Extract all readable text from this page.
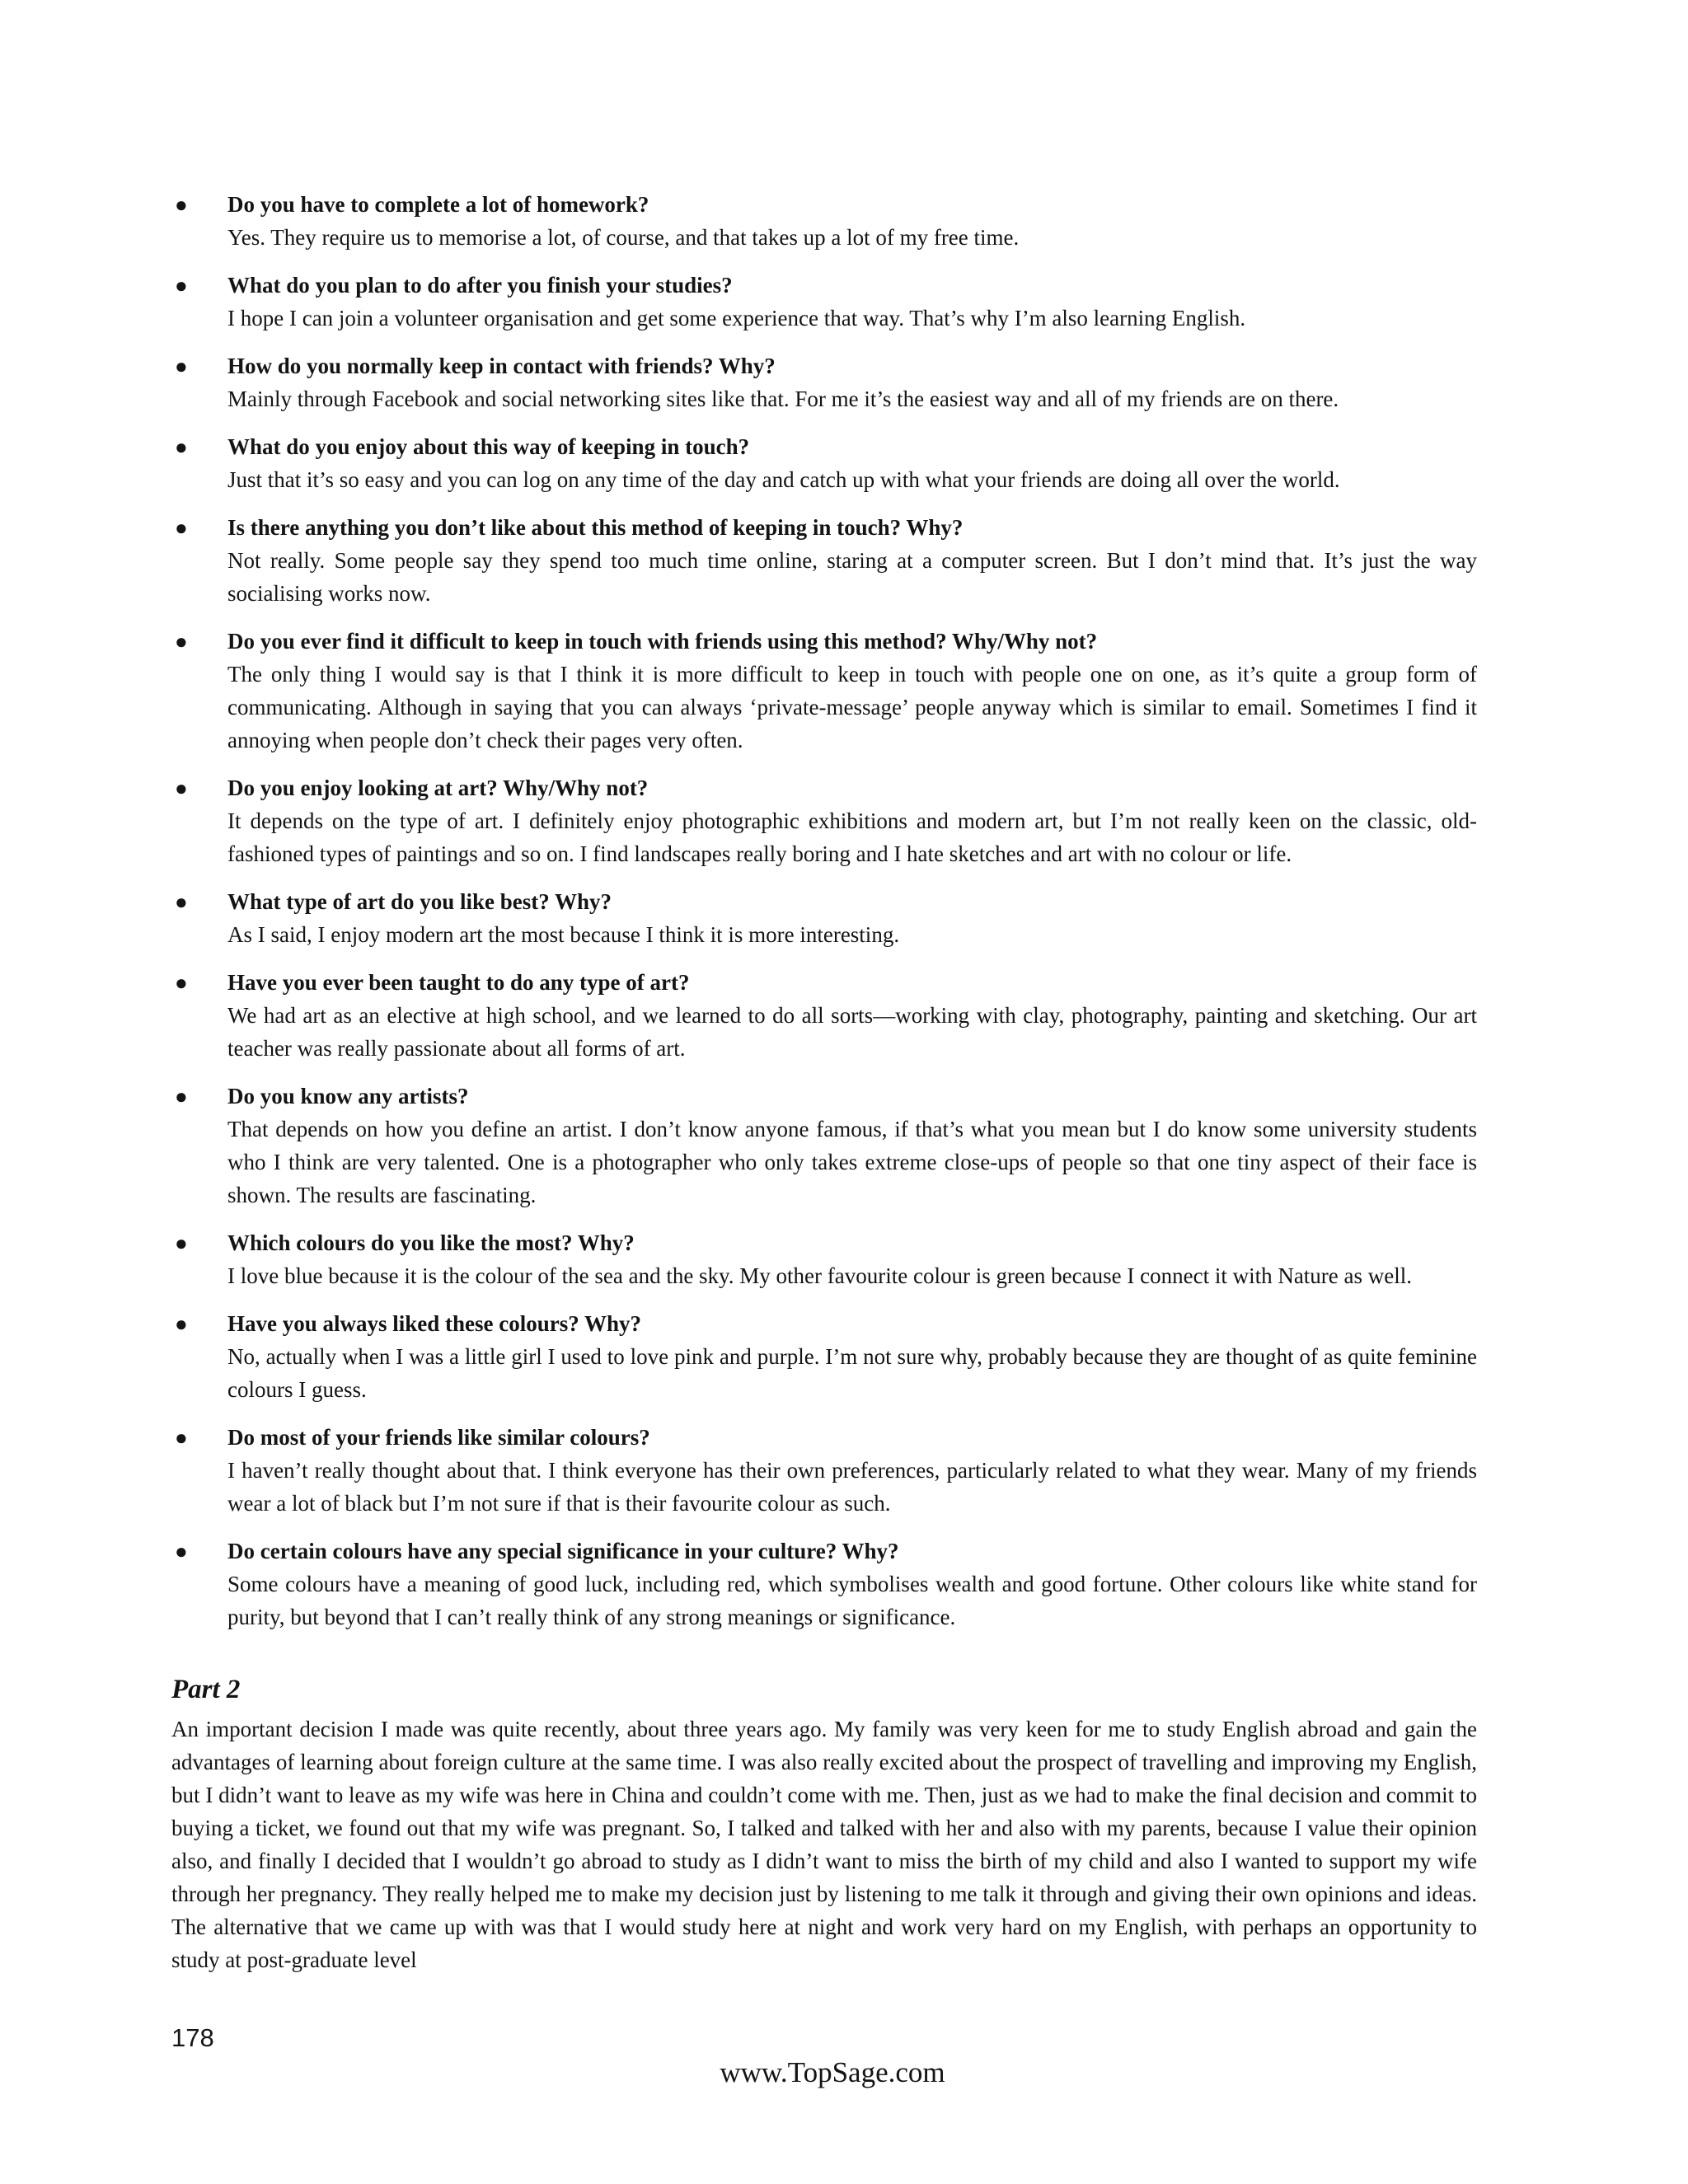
● Do you have to complete a lot of homework?
Yes. They require us to memorise a lot, of course, and that takes up a lot of my free time.
● What do you plan to do after you finish your studies?
I hope I can join a volunteer organisation and get some experience that way. That’s why I’m also learning English.
● How do you normally keep in contact with friends? Why?
Mainly through Facebook and social networking sites like that. For me it’s the easiest way and all of my friends are on there.
● What do you enjoy about this way of keeping in touch?
Just that it’s so easy and you can log on any time of the day and catch up with what your friends are doing all over the world.
● Is there anything you don’t like about this method of keeping in touch? Why?
Not really. Some people say they spend too much time online, staring at a computer screen. But I don’t mind that. It’s just the way socialising works now.
● Do you ever find it difficult to keep in touch with friends using this method? Why/Why not?
The only thing I would say is that I think it is more difficult to keep in touch with people one on one, as it’s quite a group form of communicating. Although in saying that you can always ‘private-message’ people anyway which is similar to email. Sometimes I find it annoying when people don’t check their pages very often.
● Do you enjoy looking at art? Why/Why not?
It depends on the type of art. I definitely enjoy photographic exhibitions and modern art, but I’m not really keen on the classic, old-fashioned types of paintings and so on. I find landscapes really boring and I hate sketches and art with no colour or life.
● What type of art do you like best? Why?
As I said, I enjoy modern art the most because I think it is more interesting.
● Have you ever been taught to do any type of art?
We had art as an elective at high school, and we learned to do all sorts—working with clay, photography, painting and sketching. Our art teacher was really passionate about all forms of art.
● Do you know any artists?
That depends on how you define an artist. I don’t know anyone famous, if that’s what you mean but I do know some university students who I think are very talented. One is a photographer who only takes extreme close-ups of people so that one tiny aspect of their face is shown. The results are fascinating.
● Which colours do you like the most? Why?
I love blue because it is the colour of the sea and the sky. My other favourite colour is green because I connect it with Nature as well.
● Have you always liked these colours? Why?
No, actually when I was a little girl I used to love pink and purple. I’m not sure why, probably because they are thought of as quite feminine colours I guess.
● Do most of your friends like similar colours?
I haven’t really thought about that. I think everyone has their own preferences, particularly related to what they wear. Many of my friends wear a lot of black but I’m not sure if that is their favourite colour as such.
● Do certain colours have any special significance in your culture? Why?
Some colours have a meaning of good luck, including red, which symbolises wealth and good fortune. Other colours like white stand for purity, but beyond that I can’t really think of any strong meanings or significance.
Part 2

An important decision I made was quite recently, about three years ago. My family was very keen for me to study English abroad and gain the advantages of learning about foreign culture at the same time. I was also really excited about the prospect of travelling and improving my English, but I didn’t want to leave as my wife was here in China and couldn’t come with me. Then, just as we had to make the final decision and commit to buying a ticket, we found out that my wife was pregnant. So, I talked and talked with her and also with my parents, because I value their opinion also, and finally I decided that I wouldn’t go abroad to study as I didn’t want to miss the birth of my child and also I wanted to support my wife through her pregnancy. They really helped me to make my decision just by listening to me talk it through and giving their own opinions and ideas. The alternative that we came up with was that I would study here at night and work very hard on my English, with perhaps an opportunity to study at post-graduate level

178
www.TopSage.com
